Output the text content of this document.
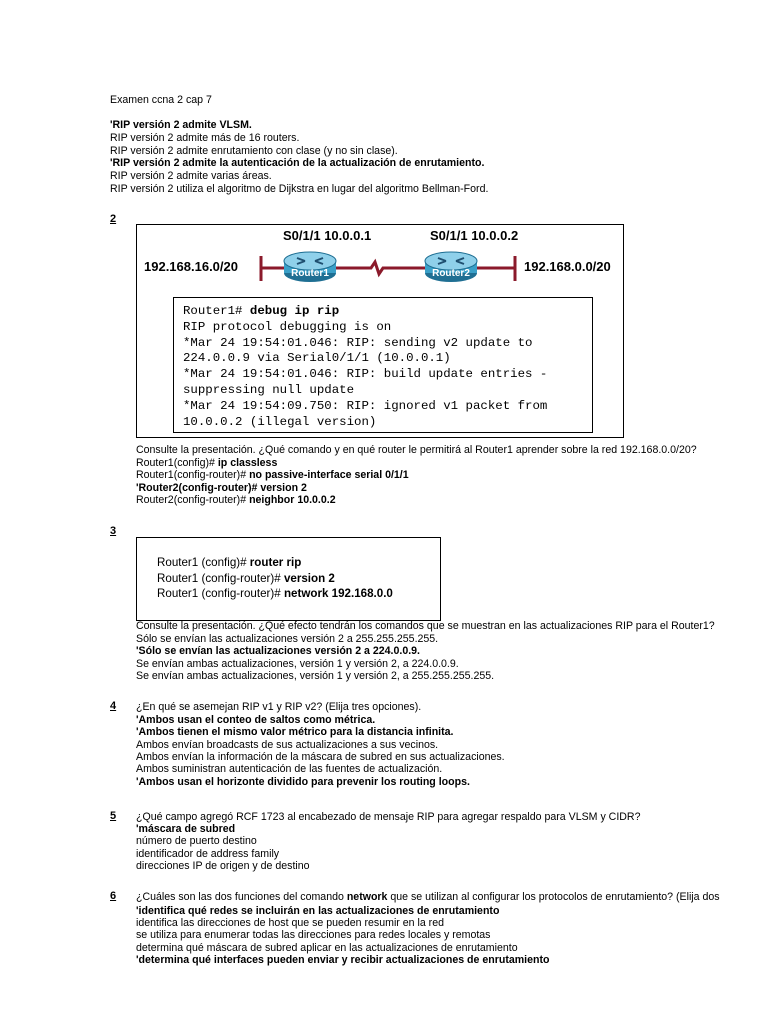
Examen ccna 2 cap 7
'RIP versión 2 admite VLSM.
RIP versión 2 admite más de 16 routers.
RIP versión 2 admite enrutamiento con clase (y no sin clase).
'RIP versión 2 admite la autenticación de la actualización de enrutamiento.
RIP versión 2 admite varias áreas.
RIP versión 2 utiliza el algoritmo de Dijkstra en lugar del algoritmo Bellman-Ford.
2
Router1	Router2
S0/1/1 10.0.0.1	S0/1/1 10.0.0.2
192.168.16.0/20	192.168.0.0/20
Router1# debug ip rip
RIP protocol debugging is on
*Mar 24 19:54:01.046: RIP: sending v2 update to
224.0.0.9 via Serial0/1/1 (10.0.0.1)
*Mar 24 19:54:01.046: RIP: build update entries -
suppressing null update
*Mar 24 19:54:09.750: RIP: ignored v1 packet from
10.0.0.2 (illegal version)
Consulte la presentación. ¿Qué comando y en qué router le permitirá al Router1 aprender sobre la red 192.168.0.0/20?
Router1(config)# ip classless
Router1(config-router)# no passive-interface serial 0/1/1
'Router2(config-router)# version 2
Router2(config-router)# neighbor 10.0.0.2
3
Router1 (config)# router rip
Router1 (config-router)# version 2
Router1 (config-router)# network 192.168.0.0
Consulte la presentación. ¿Qué efecto tendrán los comandos que se muestran en las actualizaciones RIP para el Router1?
Sólo se envían las actualizaciones versión 2 a 255.255.255.255.
'Sólo se envían las actualizaciones versión 2 a 224.0.0.9.
Se envían ambas actualizaciones, versión 1 y versión 2, a 224.0.0.9.
Se envían ambas actualizaciones, versión 1 y versión 2, a 255.255.255.255.
4 ¿En qué se asemejan RIP v1 y RIP v2? (Elija tres opciones).
'Ambos usan el conteo de saltos como métrica.
'Ambos tienen el mismo valor métrico para la distancia infinita.
Ambos envían broadcasts de sus actualizaciones a sus vecinos.
Ambos envían la información de la máscara de subred en sus actualizaciones.
Ambos suministran autenticación de las fuentes de actualización.
'Ambos usan el horizonte dividido para prevenir los routing loops.
5 ¿Qué campo agregó RCF 1723 al encabezado de mensaje RIP para agregar respaldo para VLSM y CIDR?
'máscara de subred
número de puerto destino
identificador de address family
direcciones IP de origen y de destino
6 ¿Cuáles son las dos funciones del comando network que se utilizan al configurar los protocolos de enrutamiento? (Elija dos
'identifica qué redes se incluirán en las actualizaciones de enrutamiento
identifica las direcciones de host que se pueden resumir en la red
se utiliza para enumerar todas las direcciones para redes locales y remotas
determina qué máscara de subred aplicar en las actualizaciones de enrutamiento
'determina qué interfaces pueden enviar y recibir actualizaciones de enrutamiento
